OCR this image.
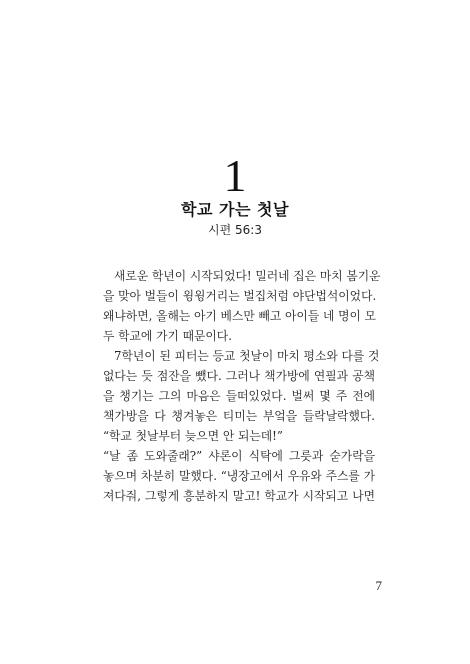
1
학교 가는 첫날
시편 56:3
새로운 학년이 시작되었다! 밀러네 집은 마치 봄기운
을 맞아 벌들이 윙윙거리는 벌집처럼 야단법석이었다.
왜냐하면, 올해는 아기 베스만 빼고 아이들 네 명이 모
두 학교에 가기 때문이다.
7학년이 된 피터는 등교 첫날이 마치 평소와 다를 것
없다는 듯 점잔을 뺐다. 그러나 책가방에 연필과 공책
을 챙기는 그의 마음은 들떠있었다. 벌써 몇 주 전에
책가방을 다 챙겨놓은 티미는 부엌을 들락날락했다.
“학교 첫날부터 늦으면 안 되는데!”
“날 좀 도와줄래?” 샤론이 식탁에 그릇과 숟가락을
놓으며 차분히 말했다. “냉장고에서 우유와 주스를 가
져다줘, 그렇게 흥분하지 말고! 학교가 시작되고 나면
7
